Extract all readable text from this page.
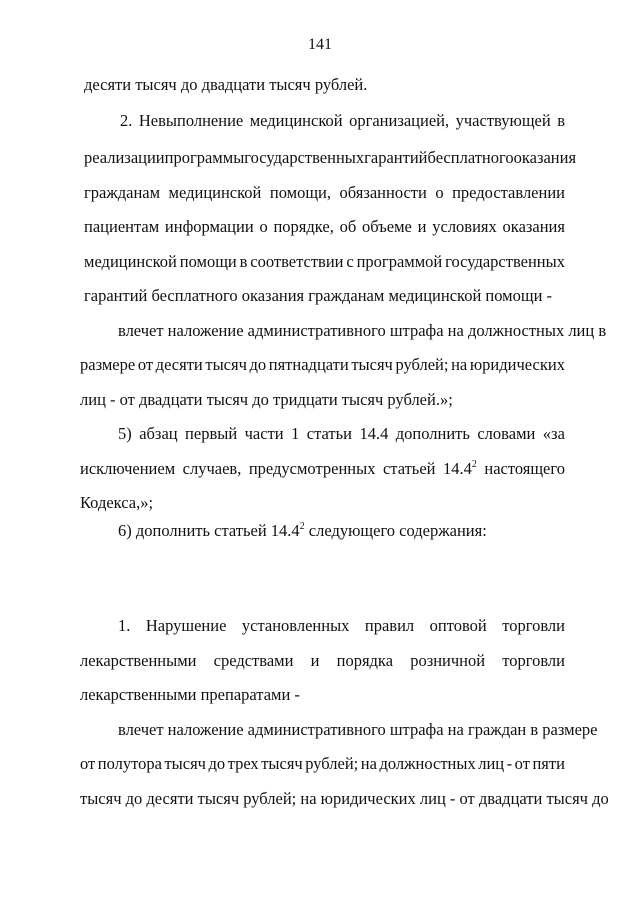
141
десяти тысяч до двадцати тысяч рублей.
2. Невыполнение медицинской организацией, участвующей в
реализации программы государственных гарантий бесплатного оказания
гражданам медицинской помощи, обязанности о предоставлении
пациентам информации о порядке, об объеме и условиях оказания
медицинской помощи в соответствии с программой государственных
гарантий бесплатного оказания гражданам медицинской помощи -
влечет наложение административного штрафа на должностных лиц в
размере от десяти тысяч до пятнадцати тысяч рублей; на юридических
лиц - от двадцати тысяч до тридцати тысяч рублей.»;
5) абзац первый части 1 статьи 14.4 дополнить словами «за
исключением случаев, предусмотренных статьей 14.4$^2$ настоящего
Кодекса,»;
6) дополнить статьей 14.4$^2$ следующего содержания:

1. Нарушение установленных правил оптовой торговли
лекарственными средствами и порядка розничной торговли
лекарственными препаратами -
влечет наложение административного штрафа на граждан в размере
от полутора тысяч до трех тысяч рублей; на должностных лиц - от пяти
тысяч до десяти тысяч рублей; на юридических лиц - от двадцати тысяч до
